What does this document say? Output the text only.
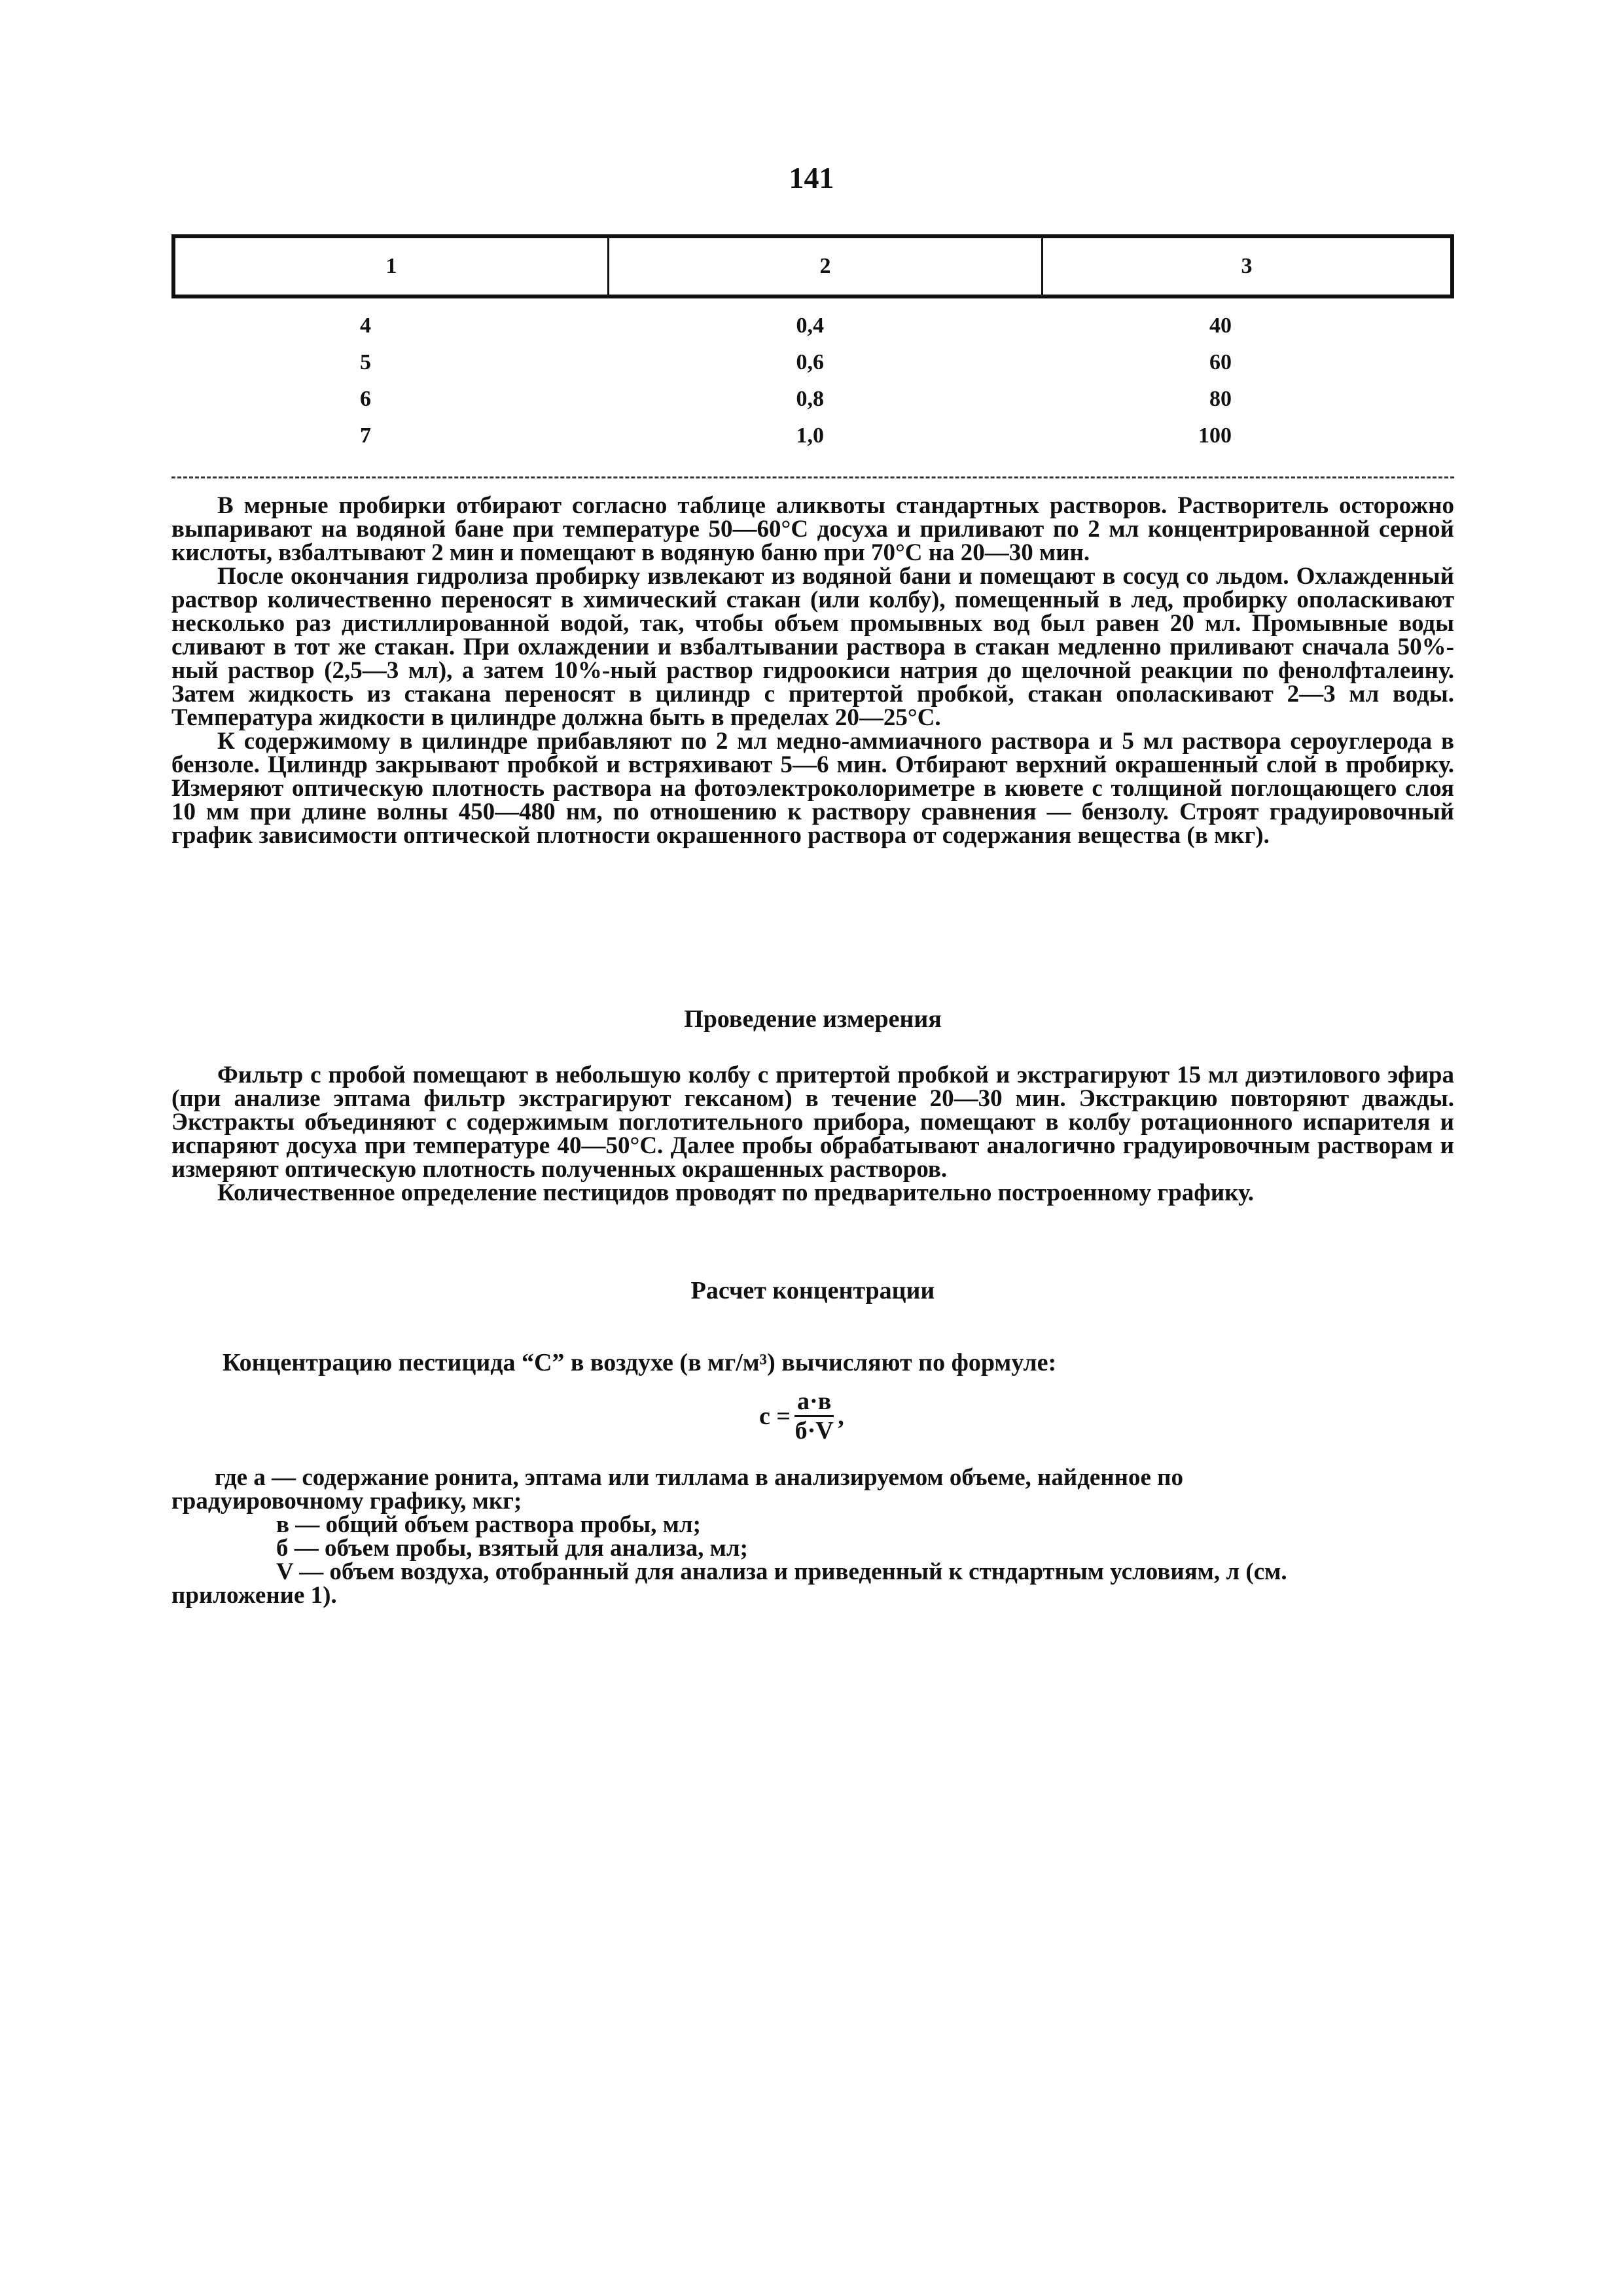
141
1	2	3
4	0,4	40
5	0,6	60
6	0,8	80
7	1,0	100

В мерные пробирки отбирают согласно таблице аликвоты стандартных растворов. Растворитель осторожно выпаривают на водяной бане при температуре 50—60°С досуха и приливают по 2 мл концентрированной серной кислоты, взбалтывают 2 мин и помещают в водяную баню при 70°С на 20—30 мин.

После окончания гидролиза пробирку извлекают из водяной бани и помещают в сосуд со льдом. Охлажденный раствор количественно переносят в химический стакан (или колбу), помещенный в лед, пробирку ополаскивают несколько раз дистиллированной водой, так, чтобы объем промывных вод был равен 20 мл. Промывные воды сливают в тот же стакан. При охлаждении и взбалтывании раствора в стакан медленно приливают сначала 50%-ный раствор (2,5—3 мл), а затем 10%-ный раствор гидроокиси натрия до щелочной реакции по фенолфталеину. Затем жидкость из стакана переносят в цилиндр с притертой пробкой, стакан ополаскивают 2—3 мл воды. Температура жидкости в цилиндре должна быть в пределах 20—25°С.

К содержимому в цилиндре прибавляют по 2 мл медно-аммиачного раствора и 5 мл раствора сероуглерода в бензоле. Цилиндр закрывают пробкой и встряхивают 5—6 мин. Отбирают верхний окрашенный слой в пробирку. Измеряют оптическую плотность раствора на фотоэлектроколориметре в кювете с толщиной поглощающего слоя 10 мм при длине волны 450—480 нм, по отношению к раствору сравнения — бензолу. Строят градуировочный график зависимости оптической плотности окрашенного раствора от содержания вещества (в мкг).

Проведение измерения

Фильтр с пробой помещают в небольшую колбу с притертой пробкой и экстрагируют 15 мл диэтилового эфира (при анализе эптама фильтр экстрагируют гексаном) в течение 20—30 мин. Экстракцию повторяют дважды. Экстракты объединяют с содержимым поглотительного прибора, помещают в колбу ротационного испарителя и испаряют досуха при температуре 40—50°С. Далее пробы обрабатывают аналогично градуировочным растворам и измеряют оптическую плотность полученных окрашенных растворов.

Количественное определение пестицидов проводят по предварительно построенному графику.

Расчет концентрации
Концентрацию пестицида “С” в воздухе (в мг/м³) вычисляют по формуле:
$с = \frac{а\cdot в}{б\cdot V}$ ,
где а — содержание ронита, эптама или тиллама в анализируемом объеме, найденное по
градуировочному графику, мкг;
в — общий объем раствора пробы, мл;
б — объем пробы, взятый для анализа, мл;
V — объем воздуха, отобранный для анализа и приведенный к стндартным условиям, л (см.
приложение 1).
